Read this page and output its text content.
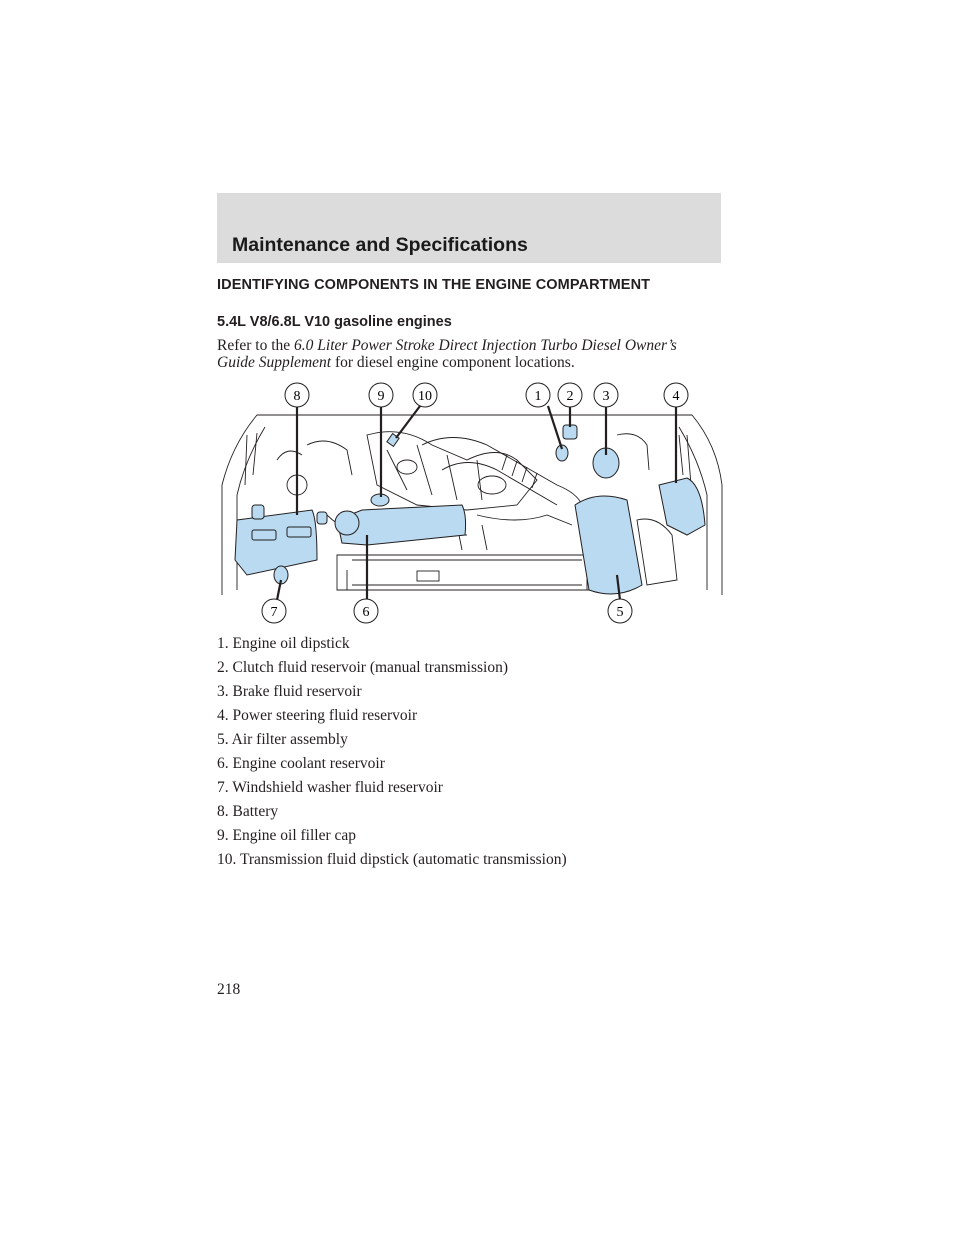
Maintenance and Specifications
IDENTIFYING COMPONENTS IN THE ENGINE COMPARTMENT
5.4L V8/6.8L V10 gasoline engines
Refer to the 6.0 Liter Power Stroke Direct Injection Turbo Diesel Owner’s Guide Supplement for diesel engine component locations.
8	9 10	1 2 3	4
7	6	5
1. Engine oil dipstick
2. Clutch fluid reservoir (manual transmission)
3. Brake fluid reservoir
4. Power steering fluid reservoir
5. Air filter assembly
6. Engine coolant reservoir
7. Windshield washer fluid reservoir
8. Battery
9. Engine oil filler cap
10. Transmission fluid dipstick (automatic transmission)
218
